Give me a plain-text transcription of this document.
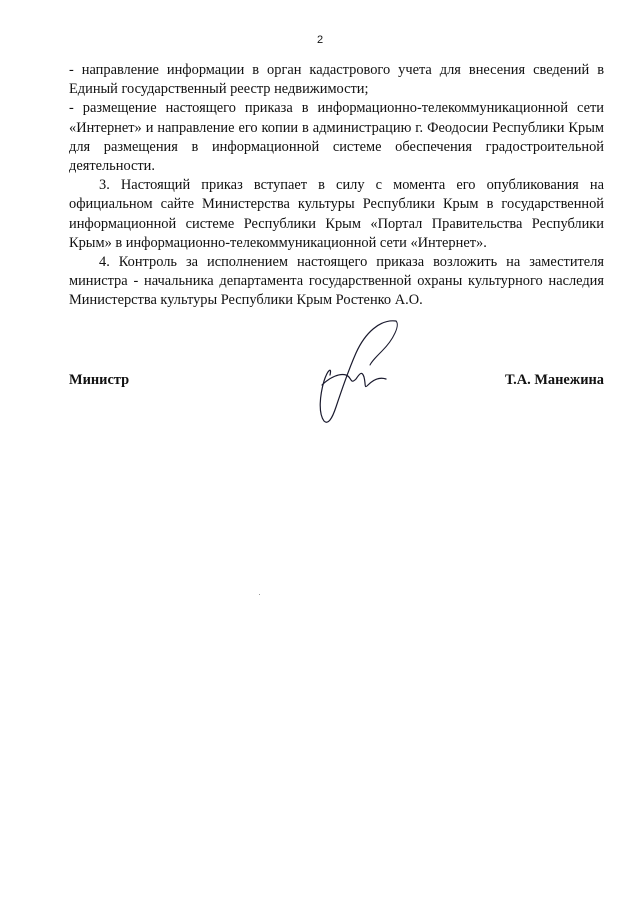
2

- направление информации в орган кадастрового учета для внесения сведений в Единый государственный реестр недвижимости;

- размещение настоящего приказа в информационно-телекоммуникационной сети «Интернет» и направление его копии в администрацию г. Феодосии Республики Крым для размещения в информационной системе обеспечения градостроительной деятельности.

3. Настоящий приказ вступает в силу с момента его опубликования на официальном сайте Министерства культуры Республики Крым в государственной информационной системе Республики Крым «Портал Правительства Республики Крым» в информационно-телекоммуникационной сети «Интернет».

4. Контроль за исполнением настоящего приказа возложить на заместителя министра - начальника департамента государственной охраны культурного наследия Министерства культуры Республики Крым Ростенко А.О.

Министр	Т.А. Манежина
